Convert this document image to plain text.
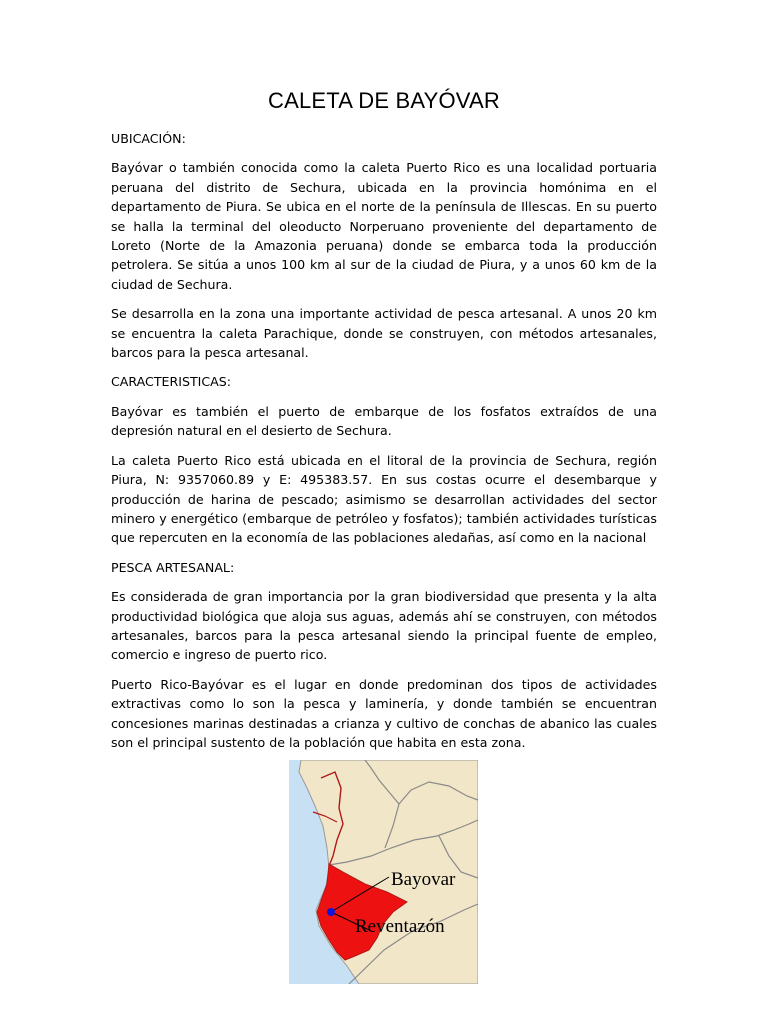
CALETA DE BAYÓVAR

UBICACIÓN:

Bayóvar o también conocida como la caleta Puerto Rico es una localidad portuaria peruana del distrito de Sechura, ubicada en la provincia homónima en el departamento de Piura. Se ubica en el norte de la península de Illescas. En su puerto se halla la terminal del oleoducto Norperuano proveniente del departamento de Loreto (Norte de la Amazonia peruana) donde se embarca toda la producción petrolera. Se sitúa a unos 100 km al sur de la ciudad de Piura, y a unos 60 km de la ciudad de Sechura.

Se desarrolla en la zona una importante actividad de pesca artesanal. A unos 20 km se encuentra la caleta Parachique, donde se construyen, con métodos artesanales, barcos para la pesca artesanal.

CARACTERISTICAS:

Bayóvar es también el puerto de embarque de los fosfatos extraídos de una depresión natural en el desierto de Sechura.

La caleta Puerto Rico está ubicada en el litoral de la provincia de Sechura, región Piura, N: 9357060.89 y E: 495383.57. En sus costas ocurre el desembarque y producción de harina de pescado; asimismo se desarrollan actividades del sector minero y energético (embarque de petróleo y fosfatos); también actividades turísticas que repercuten en la economía de las poblaciones aledañas, así como en la nacional

PESCA ARTESANAL:

Es considerada de gran importancia por la gran biodiversidad que presenta y la alta productividad biológica que aloja sus aguas, además ahí se construyen, con métodos artesanales, barcos para la pesca artesanal siendo la principal fuente de empleo, comercio e ingreso de puerto rico.

Puerto Rico-Bayóvar es el lugar en donde predominan dos tipos de actividades extractivas como lo son la pesca y laminería, y donde también se encuentran concesiones marinas destinadas a crianza y cultivo de conchas de abanico las cuales son el principal sustento de la población que habita en esta zona.

Bayovar
Reventazón
